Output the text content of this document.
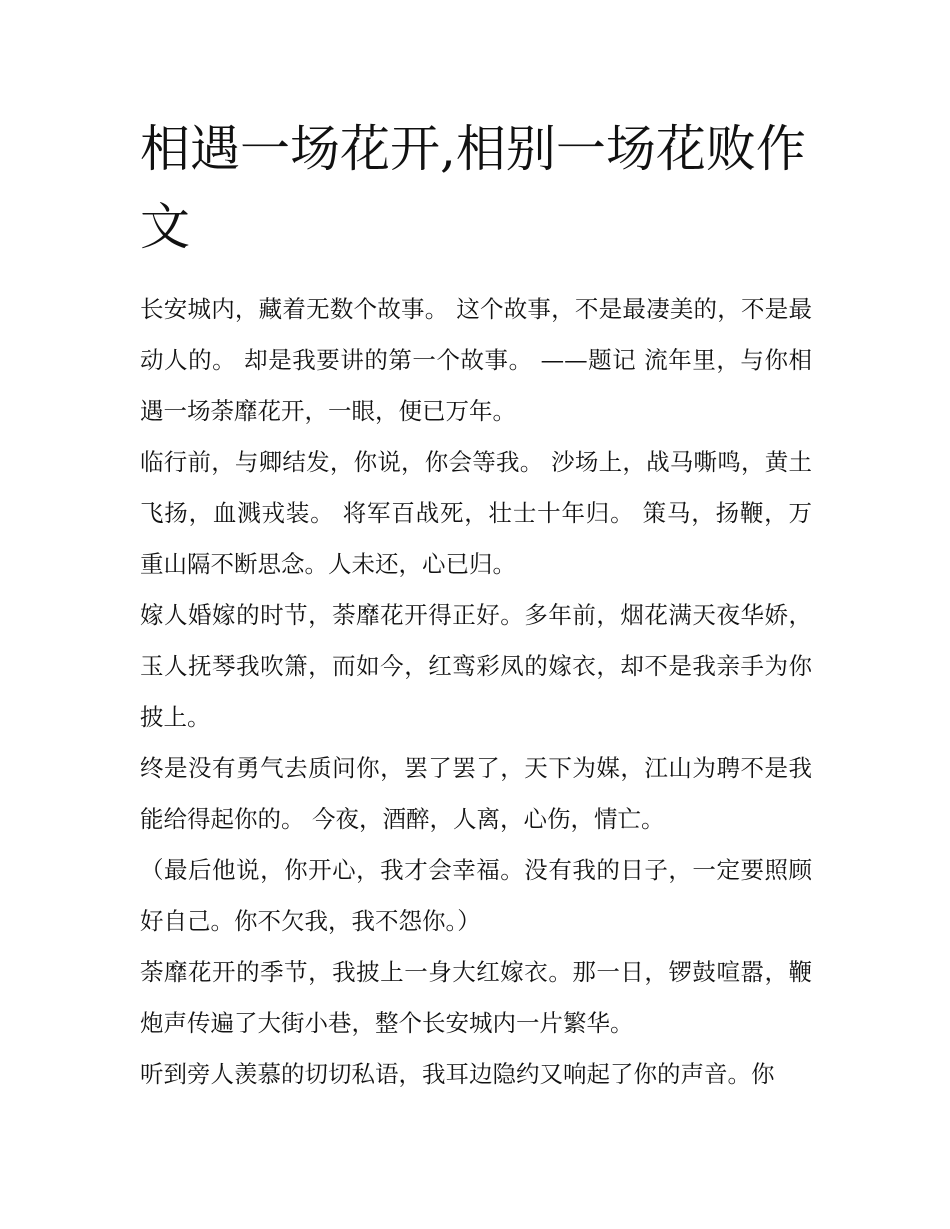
相遇一场花开,相别一场花败作文

长安城内，藏着无数个故事。 这个故事，不是最凄美的，不是最动人的。 却是我要讲的第一个故事。 ——题记 流年里，与你相遇一场荼靡花开，一眼，便已万年。

临行前，与卿结发，你说，你会等我。 沙场上，战马嘶鸣，黄土飞扬，血溅戎装。 将军百战死，壮士十年归。 策马，扬鞭，万重山隔不断思念。人未还，心已归。

嫁人婚嫁的时节，荼靡花开得正好。多年前，烟花满天夜华娇，玉人抚琴我吹箫，而如今，红鸾彩凤的嫁衣，却不是我亲手为你披上。

终是没有勇气去质问你，罢了罢了，天下为媒，江山为聘不是我能给得起你的。 今夜，酒醉，人离，心伤，情亡。

（最后他说，你开心，我才会幸福。没有我的日子，一定要照顾好自己。你不欠我，我不怨你。）

荼靡花开的季节，我披上一身大红嫁衣。那一日，锣鼓喧嚣，鞭炮声传遍了大街小巷，整个长安城内一片繁华。

听到旁人羡慕的切切私语，我耳边隐约又响起了你的声音。你
